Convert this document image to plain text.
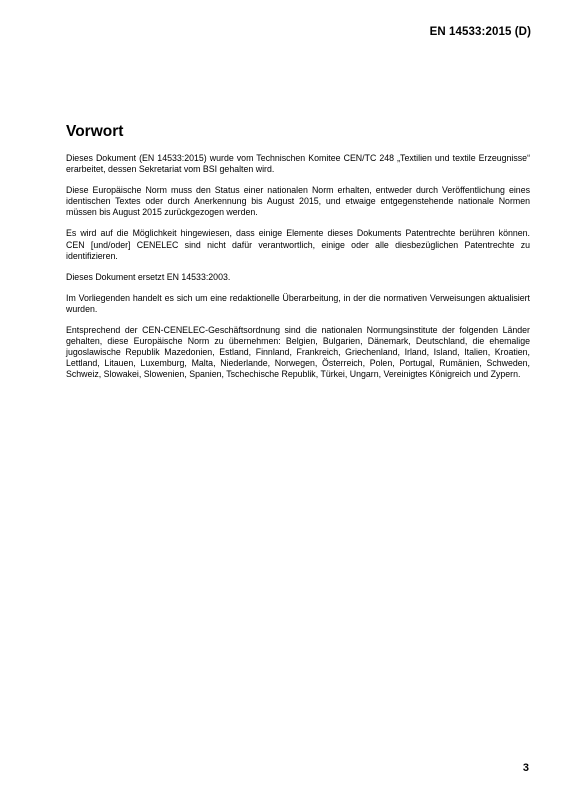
EN 14533:2015 (D)
Vorwort

Dieses Dokument (EN 14533:2015) wurde vom Technischen Komitee CEN/TC 248 „Textilien und textile Erzeugnisse“ erarbeitet, dessen Sekretariat vom BSI gehalten wird.

Diese Europäische Norm muss den Status einer nationalen Norm erhalten, entweder durch Veröffentlichung eines identischen Textes oder durch Anerkennung bis August 2015, und etwaige entgegenstehende nationale Normen müssen bis August 2015 zurückgezogen werden.

Es wird auf die Möglichkeit hingewiesen, dass einige Elemente dieses Dokuments Patentrechte berühren können. CEN [und/oder] CENELEC sind nicht dafür verantwortlich, einige oder alle diesbezüglichen Patentrechte zu identifizieren.

Dieses Dokument ersetzt EN 14533:2003.

Im Vorliegenden handelt es sich um eine redaktionelle Überarbeitung, in der die normativen Verweisungen aktualisiert wurden.

Entsprechend der CEN-CENELEC-Geschäftsordnung sind die nationalen Normungsinstitute der folgenden Länder gehalten, diese Europäische Norm zu übernehmen: Belgien, Bulgarien, Dänemark, Deutschland, die ehemalige jugoslawische Republik Mazedonien, Estland, Finnland, Frankreich, Griechenland, Irland, Island, Italien, Kroatien, Lettland, Litauen, Luxemburg, Malta, Niederlande, Norwegen, Österreich, Polen, Portugal, Rumänien, Schweden, Schweiz, Slowakei, Slowenien, Spanien, Tschechische Republik, Türkei, Ungarn, Vereinigtes Königreich und Zypern.

3
